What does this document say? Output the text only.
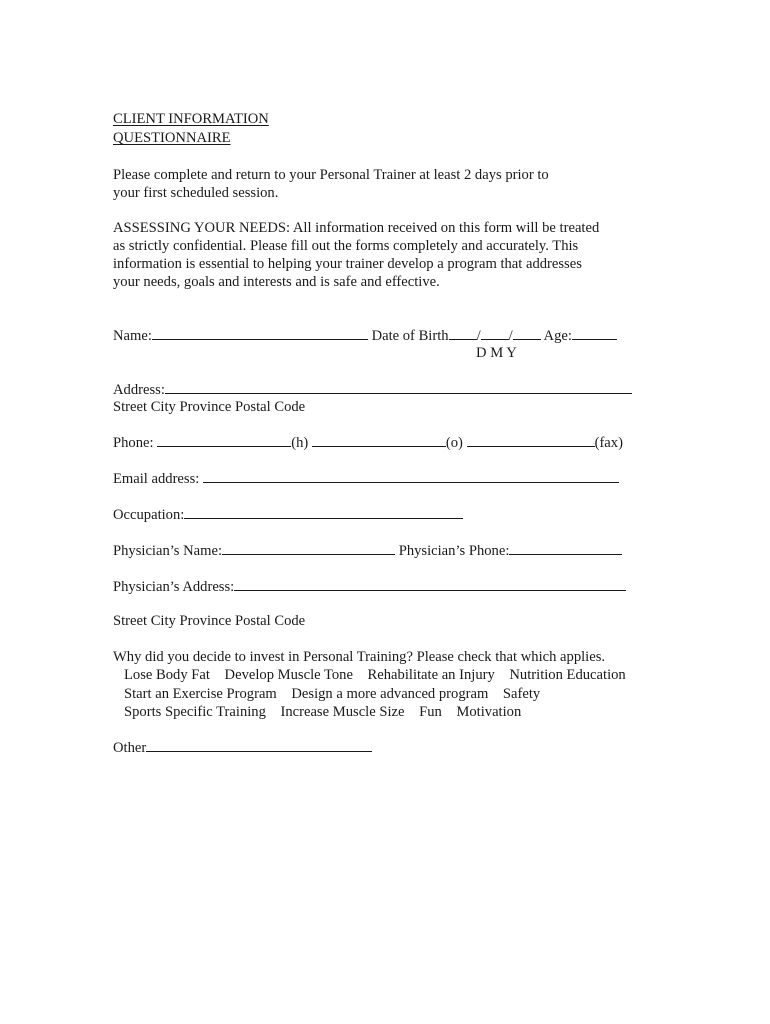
CLIENT INFORMATION
QUESTIONNAIRE
Please complete and return to your Personal Trainer at least 2 days prior to
your first scheduled session.
ASSESSING YOUR NEEDS: All information received on this form will be treated
as strictly confidential. Please fill out the forms completely and accurately. This
information is essential to helping your trainer develop a program that addresses
your needs, goals and interests and is safe and effective.
Name:	Date of Birth / / Age:
D M Y
Address:
Street City Province Postal Code
Phone:	(h)	(o)	(fax)
Email address:
Occupation:
Physician’s Name:	Physician’s Phone:
Physician’s Address:
Street City Province Postal Code
Why did you decide to invest in Personal Training? Please check that which applies.
Lose Body Fat Develop Muscle Tone Rehabilitate an Injury Nutrition Education
Start an Exercise Program Design a more advanced program Safety
Sports Specific Training Increase Muscle Size Fun Motivation
Other
